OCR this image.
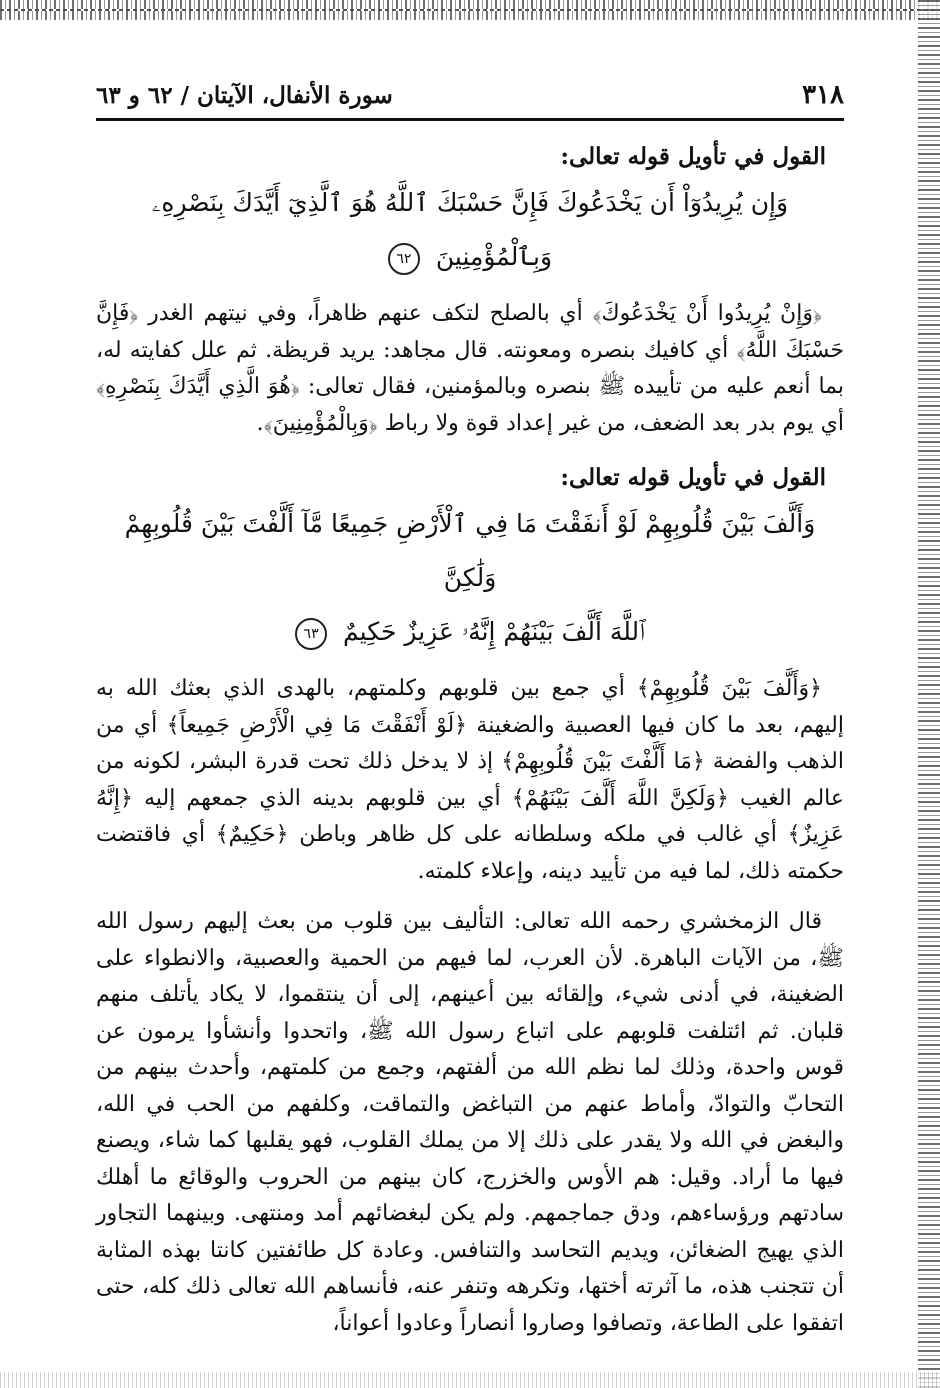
٣١٨
سورة الأنفال، الآيتان / ٦٢ و ٦٣
القول في تأويل قوله تعالى:
وَإِن يُرِيدُوٓاْ أَن يَخْدَعُوكَ فَإِنَّ حَسْبَكَ ٱللَّهُ هُوَ ٱلَّذِيٓ أَيَّدَكَ بِنَصْرِهِۦ وَبِٱلْمُؤْمِنِينَ ٦٢

﴿وَإِنْ يُرِيدُوا أَنْ يَخْدَعُوكَ﴾ أي بالصلح لتكف عنهم ظاهراً، وفي نيتهم الغدر ﴿فَإِنَّ حَسْبَكَ اللَّهُ﴾ أي كافيك بنصره ومعونته. قال مجاهد: يريد قريظة. ثم علل كفايته له، بما أنعم عليه من تأييده ﷺ بنصره وبالمؤمنين، فقال تعالى: ﴿هُوَ الَّذِي أَيَّدَكَ بِنَصْرِهِ﴾ أي يوم بدر بعد الضعف، من غير إعداد قوة ولا رباط ﴿وَبِالْمُؤْمِنِينَ﴾.

القول في تأويل قوله تعالى:
وَأَلَّفَ بَيْنَ قُلُوبِهِمْ لَوْ أَنفَقْتَ مَا فِي ٱلْأَرْضِ جَمِيعًا مَّآ أَلَّفْتَ بَيْنَ قُلُوبِهِمْ وَلَٰكِنَّ
ٱللَّهَ أَلَّفَ بَيْنَهُمْ إِنَّهُۥ عَزِيزٌ حَكِيمٌ ٦٣

﴿وَأَلَّفَ بَيْنَ قُلُوبِهِمْ﴾ أي جمع بين قلوبهم وكلمتهم، بالهدى الذي بعثك الله به إليهم، بعد ما كان فيها العصبية والضغينة ﴿لَوْ أَنْفَقْتَ مَا فِي الْأَرْضِ جَمِيعاً﴾ أي من الذهب والفضة ﴿مَا أَلَّفْتَ بَيْنَ قُلُوبِهِمْ﴾ إذ لا يدخل ذلك تحت قدرة البشر، لكونه من عالم الغيب ﴿وَلَكِنَّ اللَّهَ أَلَّفَ بَيْنَهُمْ﴾ أي بين قلوبهم بدينه الذي جمعهم إليه ﴿إِنَّهُ عَزِيزٌ﴾ أي غالب في ملكه وسلطانه على كل ظاهر وباطن ﴿حَكِيمٌ﴾ أي فاقتضت حكمته ذلك، لما فيه من تأييد دينه، وإعلاء كلمته.

قال الزمخشري رحمه الله تعالى: التأليف بين قلوب من بعث إليهم رسول الله ﷺ، من الآيات الباهرة. لأن العرب، لما فيهم من الحمية والعصبية، والانطواء على الضغينة، في أدنى شيء، وإلقائه بين أعينهم، إلى أن ينتقموا، لا يكاد يأتلف منهم قلبان. ثم ائتلفت قلوبهم على اتباع رسول الله ﷺ، واتحدوا وأنشأوا يرمون عن قوس واحدة، وذلك لما نظم الله من ألفتهم، وجمع من كلمتهم، وأحدث بينهم من التحابّ والتوادّ، وأماط عنهم من التباغض والتماقت، وكلفهم من الحب في الله، والبغض في الله ولا يقدر على ذلك إلا من يملك القلوب، فهو يقلبها كما شاء، ويصنع فيها ما أراد. وقيل: هم الأوس والخزرج، كان بينهم من الحروب والوقائع ما أهلك سادتهم ورؤساءهم، ودق جماجمهم. ولم يكن لبغضائهم أمد ومنتهى. وبينهما التجاور الذي يهيج الضغائن، ويديم التحاسد والتنافس. وعادة كل طائفتين كانتا بهذه المثابة أن تتجنب هذه، ما آثرته أختها، وتكرهه وتنفر عنه، فأنساهم الله تعالى ذلك كله، حتى اتفقوا على الطاعة، وتصافوا وصاروا أنصاراً وعادوا أعواناً،
